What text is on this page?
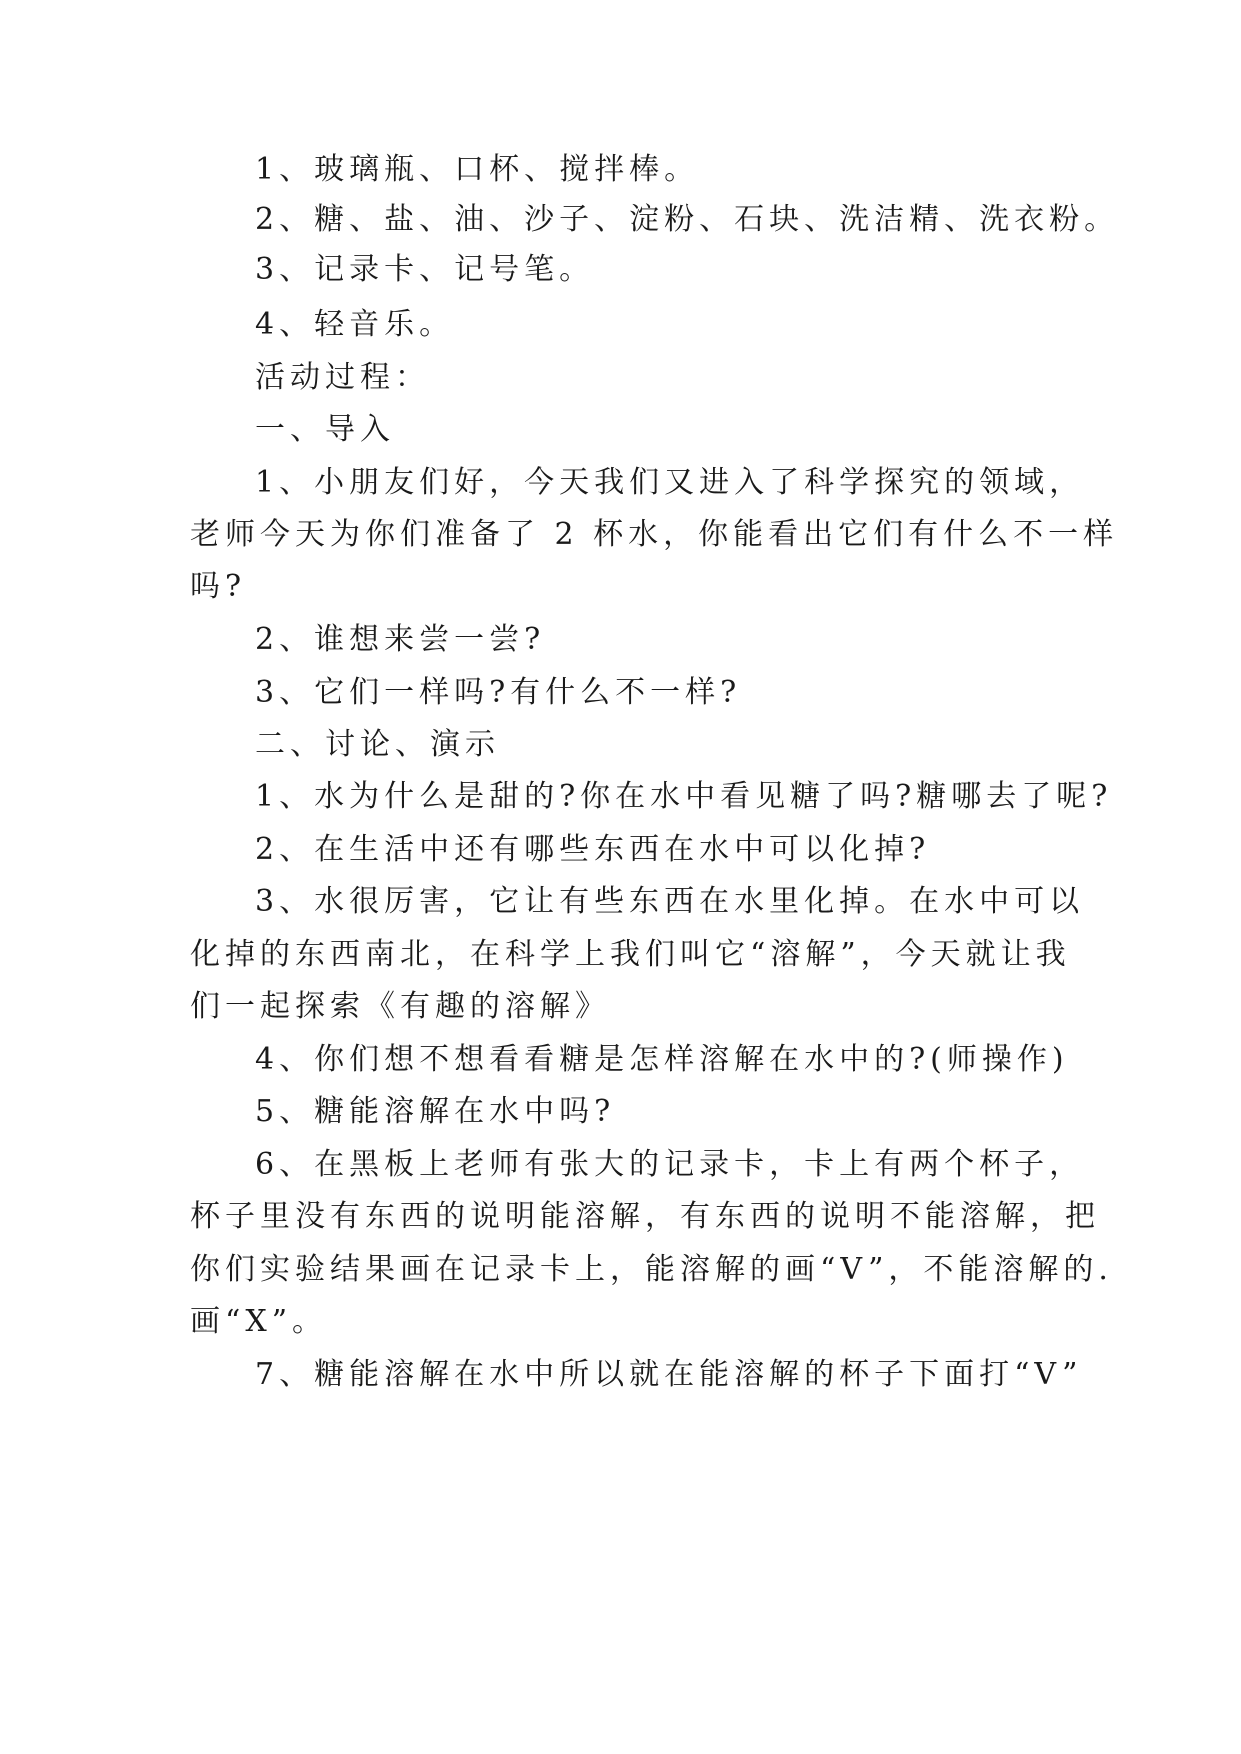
1、玻璃瓶、口杯、搅拌棒。
2、糖、盐、油、沙子、淀粉、石块、洗洁精、洗衣粉。
3、记录卡、记号笔。
4、轻音乐。
活动过程：
一、导入
1、小朋友们好，今天我们又进入了科学探究的领域，
老师今天为你们准备了 2 杯水，你能看出它们有什么不一样
吗?
2、谁想来尝一尝?
3、它们一样吗?有什么不一样?
二、讨论、演示
1、水为什么是甜的?你在水中看见糖了吗?糖哪去了呢?
2、在生活中还有哪些东西在水中可以化掉?
3、水很厉害，它让有些东西在水里化掉。在水中可以
化掉的东西南北，在科学上我们叫它“溶解”，今天就让我
们一起探索《有趣的溶解》
4、你们想不想看看糖是怎样溶解在水中的?(师操作)
5、糖能溶解在水中吗?
6、在黑板上老师有张大的记录卡，卡上有两个杯子，
杯子里没有东西的说明能溶解，有东西的说明不能溶解，把
你们实验结果画在记录卡上，能溶解的画“V”，不能溶解的.
画“X”。
7、糖能溶解在水中所以就在能溶解的杯子下面打“V”
